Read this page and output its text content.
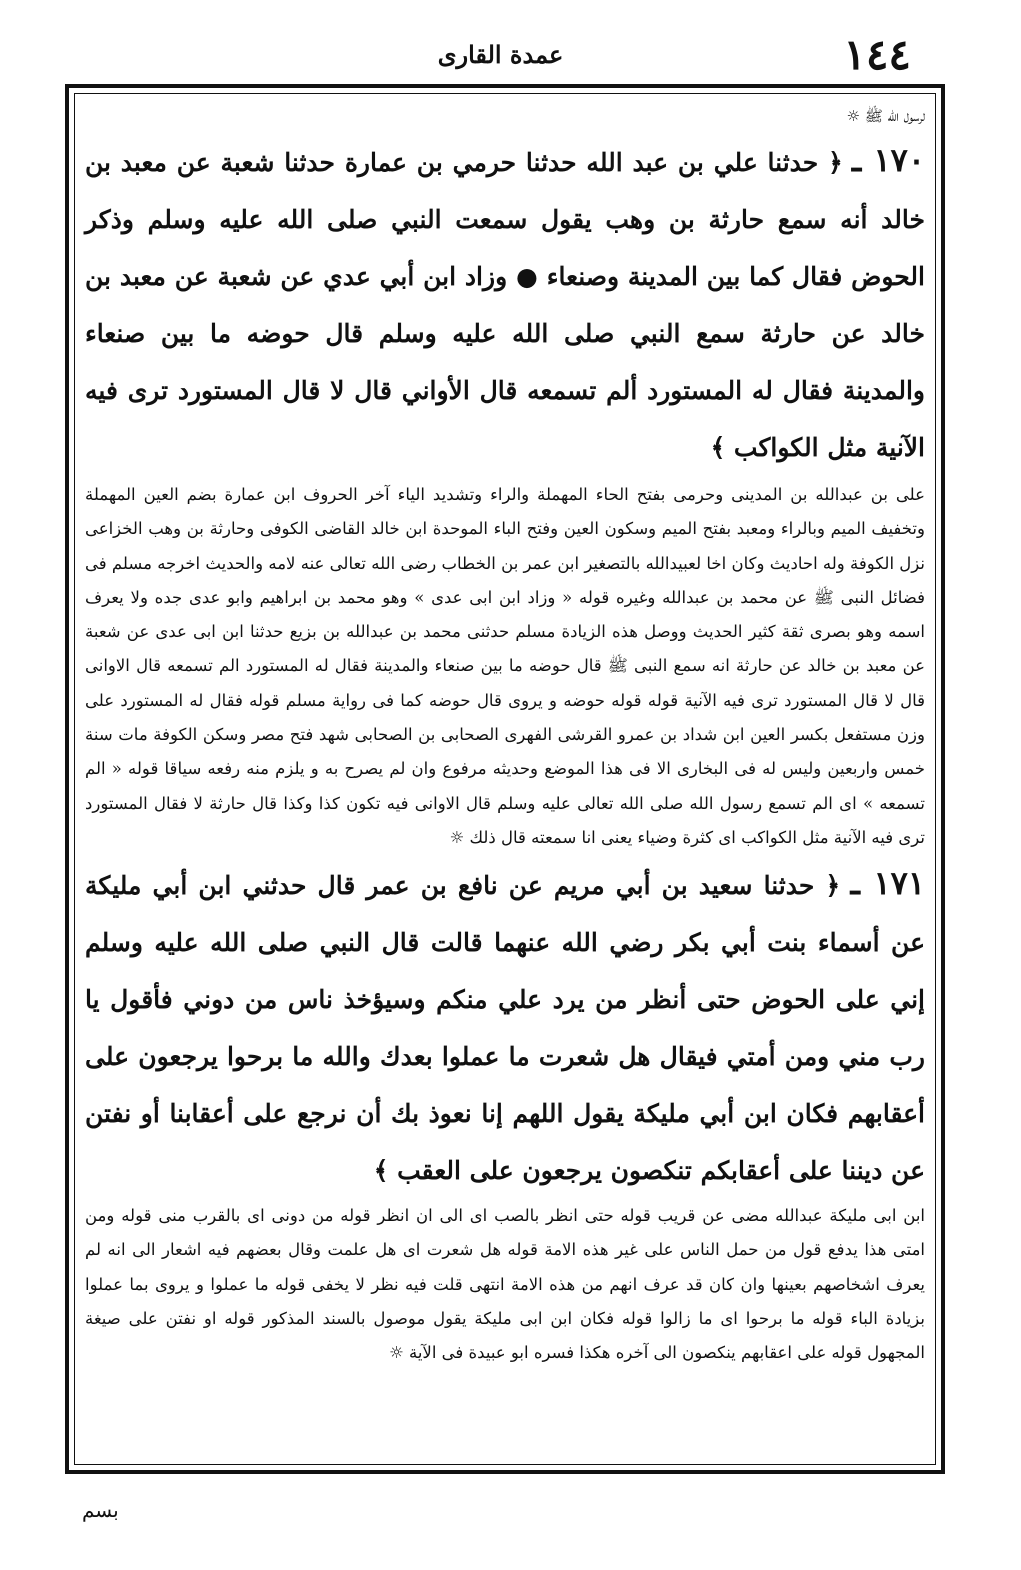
عمدة القارى	١٤٤

لرسول الله ﷺ ☼

١٧٠ ـ ﴿ حدثنا علي بن عبد الله حدثنا حرمي بن عمارة حدثنا شعبة عن معبد بن خالد أنه سمع حارثة بن وهب يقول سمعت النبي صلى الله عليه وسلم وذكر الحوض فقال كما بين المدينة وصنعاء ● وزاد ابن أبي عدي عن شعبة عن معبد بن خالد عن حارثة سمع النبي صلى الله عليه وسلم قال حوضه ما بين صنعاء والمدينة فقال له المستورد ألم تسمعه قال الأواني قال لا قال المستورد ترى فيه الآنية مثل الكواكب ﴾

على بن عبدالله بن المدينى وحرمى بفتح الحاء المهملة والراء وتشديد الياء آخر الحروف ابن عمارة بضم العين المهملة وتخفيف الميم وبالراء ومعبد بفتح الميم وسكون العين وفتح الباء الموحدة ابن خالد القاضى الكوفى وحارثة بن وهب الخزاعى نزل الكوفة وله احاديث وكان اخا لعبيدالله بالتصغير ابن عمر بن الخطاب رضى الله تعالى عنه لامه والحديث اخرجه مسلم فى فضائل النبى ﷺ عن محمد بن عبدالله وغيره قوله « وزاد ابن ابى عدى » وهو محمد بن ابراهيم وابو عدى جده ولا يعرف اسمه وهو بصرى ثقة كثير الحديث ووصل هذه الزيادة مسلم حدثنى محمد بن عبدالله بن بزيع حدثنا ابن ابى عدى عن شعبة عن معبد بن خالد عن حارثة انه سمع النبى ﷺ قال حوضه ما بين صنعاء والمدينة فقال له المستورد الم تسمعه قال الاوانى قال لا قال المستورد ترى فيه الآنية قوله قوله حوضه و يروى قال حوضه كما فى رواية مسلم قوله فقال له المستورد على وزن مستفعل بكسر العين ابن شداد بن عمرو القرشى الفهرى الصحابى بن الصحابى شهد فتح مصر وسكن الكوفة مات سنة خمس واربعين وليس له فى البخارى الا فى هذا الموضع وحديثه مرفوع وان لم يصرح به و يلزم منه رفعه سياقا قوله « الم تسمعه » اى الم تسمع رسول الله صلى الله تعالى عليه وسلم قال الاوانى فيه تكون كذا وكذا قال حارثة لا فقال المستورد ترى فيه الآنية مثل الكواكب اى كثرة وضياء يعنى انا سمعته قال ذلك ☼

١٧١ ـ ﴿ حدثنا سعيد بن أبي مريم عن نافع بن عمر قال حدثني ابن أبي مليكة عن أسماء بنت أبي بكر رضي الله عنهما قالت قال النبي صلى الله عليه وسلم إني على الحوض حتى أنظر من يرد علي منكم وسيؤخذ ناس من دوني فأقول يا رب مني ومن أمتي فيقال هل شعرت ما عملوا بعدك والله ما برحوا يرجعون على أعقابهم فكان ابن أبي مليكة يقول اللهم إنا نعوذ بك أن نرجع على أعقابنا أو نفتن عن ديننا على أعقابكم تنكصون يرجعون على العقب ﴾

ابن ابى مليكة عبدالله مضى عن قريب قوله حتى انظر بالصب اى الى ان انظر قوله من دونى اى بالقرب منى قوله ومن امتى هذا يدفع قول من حمل الناس على غير هذه الامة قوله هل شعرت اى هل علمت وقال بعضهم فيه اشعار الى انه لم يعرف اشخاصهم بعينها وان كان قد عرف انهم من هذه الامة انتهى قلت فيه نظر لا يخفى قوله ما عملوا و يروى بما عملوا بزيادة الباء قوله ما برحوا اى ما زالوا قوله فكان ابن ابى مليكة يقول موصول بالسند المذكور قوله او نفتن على صيغة المجهول قوله على اعقابهم ينكصون الى آخره هكذا فسره ابو عبيدة فى الآية ☼

بسم
